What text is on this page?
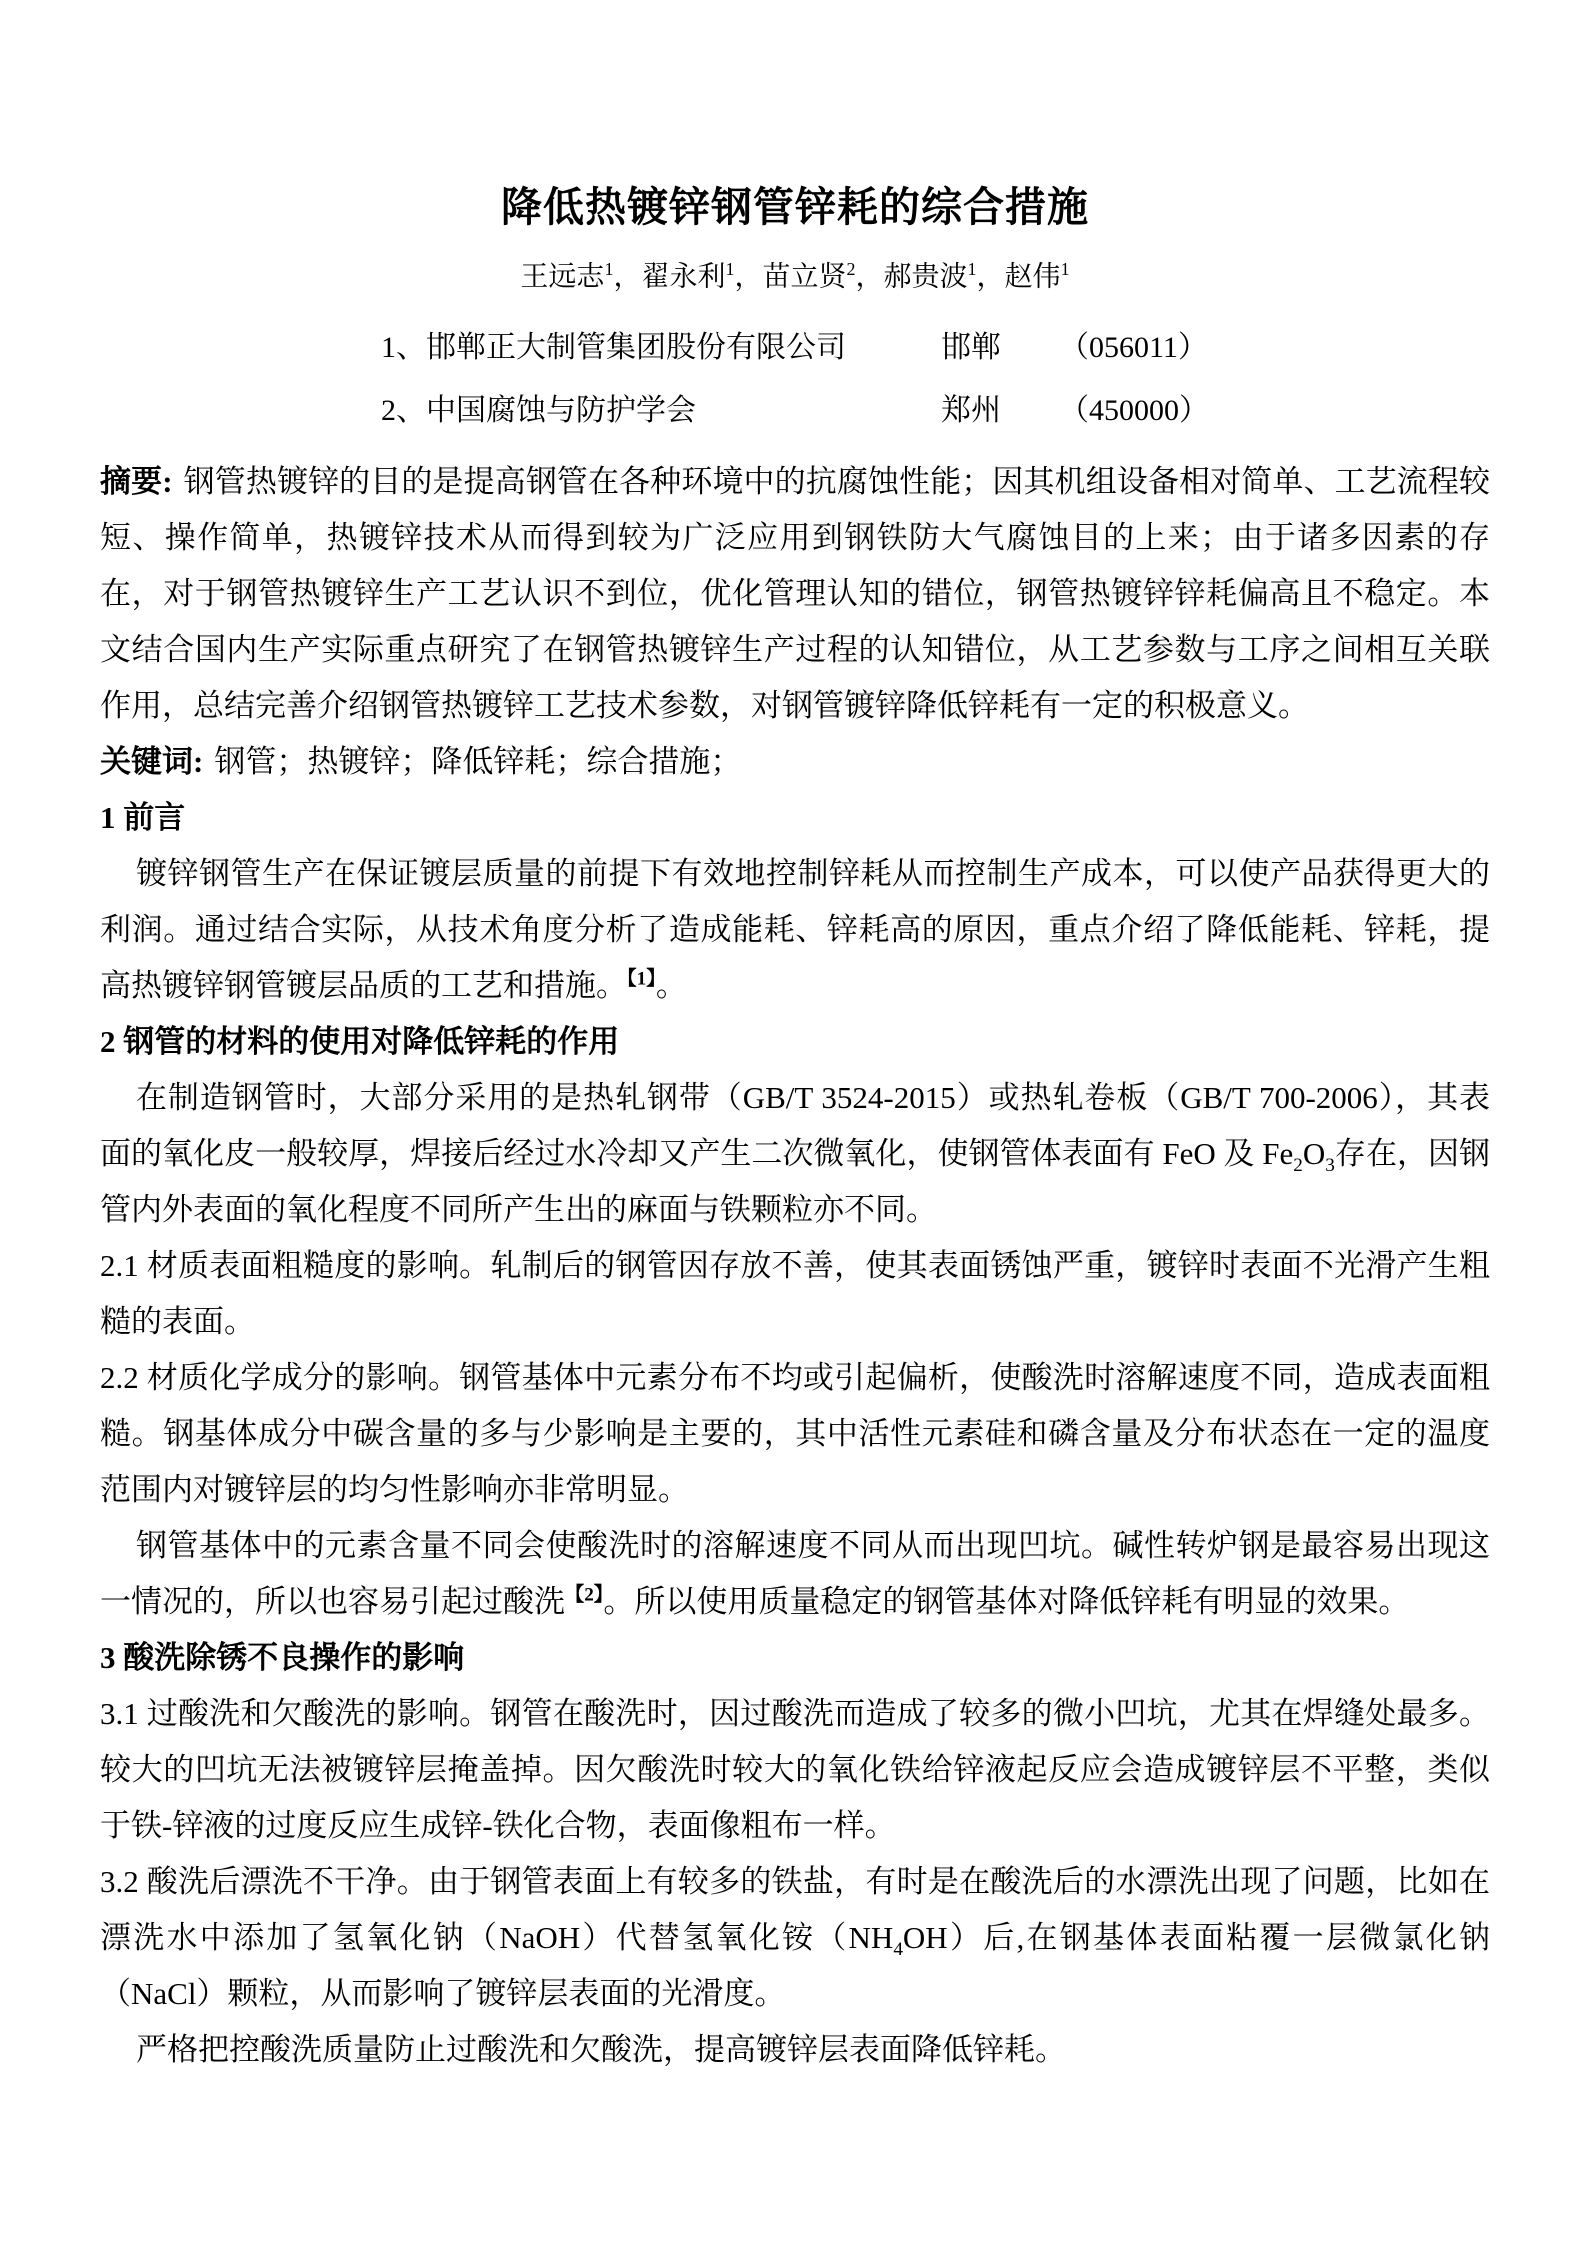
降低热镀锌钢管锌耗的综合措施
王远志$^1$，翟永利$^1$，苗立贤$^2$，郝贵波$^1$，赵伟$^1$
1、邯郸正大制管集团股份有限公司	邯郸	（056011）
2、中国腐蚀与防护学会	郑州	（450000）

摘要: 钢管热镀锌的目的是提高钢管在各种环境中的抗腐蚀性能；因其机组设备相对简单、工艺流程较短、操作简单，热镀锌技术从而得到较为广泛应用到钢铁防大气腐蚀目的上来；由于诸多因素的存在，对于钢管热镀锌生产工艺认识不到位，优化管理认知的错位，钢管热镀锌锌耗偏高且不稳定。本文结合国内生产实际重点研究了在钢管热镀锌生产过程的认知错位，从工艺参数与工序之间相互关联作用，总结完善介绍钢管热镀锌工艺技术参数，对钢管镀锌降低锌耗有一定的积极意义。

关键词: 钢管；热镀锌；降低锌耗；综合措施；

1 前言

镀锌钢管生产在保证镀层质量的前提下有效地控制锌耗从而控制生产成本，可以使产品获得更大的利润。通过结合实际，从技术角度分析了造成能耗、锌耗高的原因，重点介绍了降低能耗、锌耗，提高热镀锌钢管镀层品质的工艺和措施。$^{【1】}$。

2 钢管的材料的使用对降低锌耗的作用

在制造钢管时，大部分采用的是热轧钢带（GB/T 3524-2015）或热轧卷板（GB/T 700-2006），其表面的氧化皮一般较厚，焊接后经过水冷却又产生二次微氧化，使钢管体表面有 FeO 及 $Fe_2O_3$存在，因钢管内外表面的氧化程度不同所产生出的麻面与铁颗粒亦不同。

2.1 材质表面粗糙度的影响。轧制后的钢管因存放不善，使其表面锈蚀严重，镀锌时表面不光滑产生粗糙的表面。

2.2 材质化学成分的影响。钢管基体中元素分布不均或引起偏析，使酸洗时溶解速度不同，造成表面粗糙。钢基体成分中碳含量的多与少影响是主要的，其中活性元素硅和磷含量及分布状态在一定的温度范围内对镀锌层的均匀性影响亦非常明显。

钢管基体中的元素含量不同会使酸洗时的溶解速度不同从而出现凹坑。碱性转炉钢是最容易出现这一情况的，所以也容易引起过酸洗$^{【2】}$。所以使用质量稳定的钢管基体对降低锌耗有明显的效果。

3 酸洗除锈不良操作的影响

3.1 过酸洗和欠酸洗的影响。钢管在酸洗时，因过酸洗而造成了较多的微小凹坑，尤其在焊缝处最多。较大的凹坑无法被镀锌层掩盖掉。因欠酸洗时较大的氧化铁给锌液起反应会造成镀锌层不平整，类似于铁-锌液的过度反应生成锌-铁化合物，表面像粗布一样。

3.2 酸洗后漂洗不干净。由于钢管表面上有较多的铁盐，有时是在酸洗后的水漂洗出现了问题，比如在漂洗水中添加了氢氧化钠（NaOH）代替氢氧化铵$(NH_4OH)$后,在钢基体表面粘覆一层微氯化钠（NaCl）颗粒，从而影响了镀锌层表面的光滑度。

严格把控酸洗质量防止过酸洗和欠酸洗，提高镀锌层表面降低锌耗。
